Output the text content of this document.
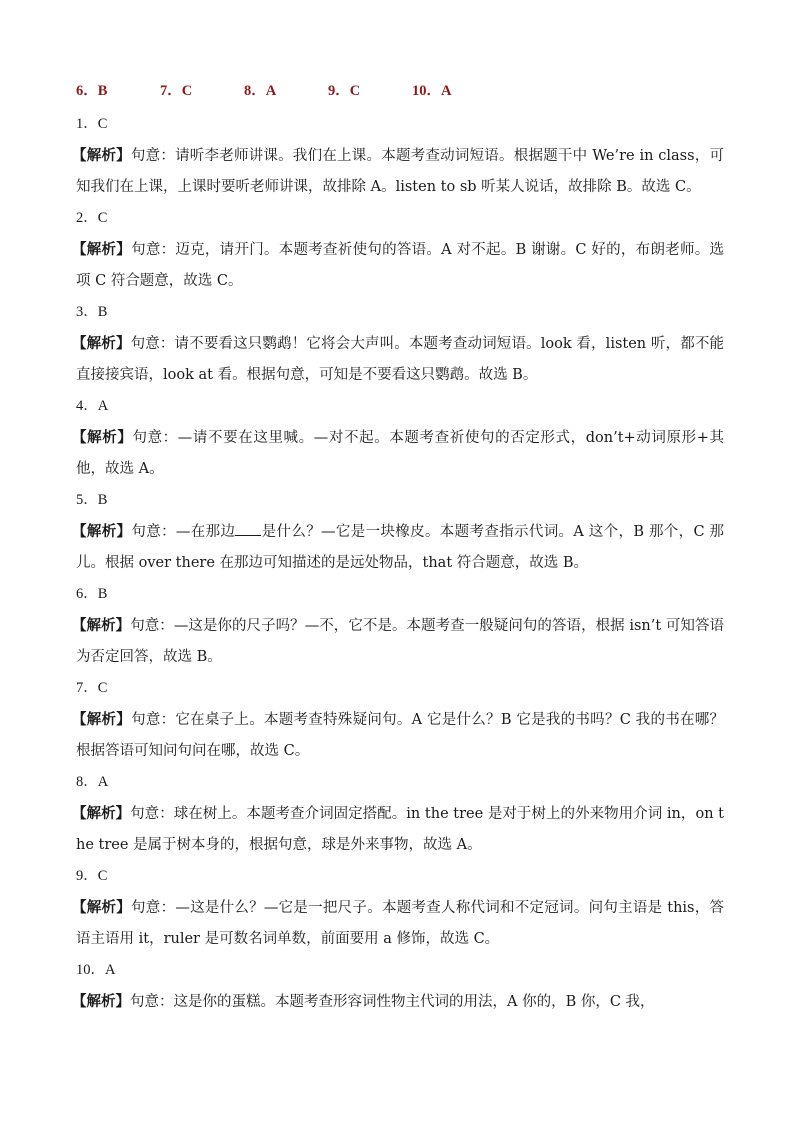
6．B	7．C	8．A	9．C	10．A
1．C
【解析】句意：请听李老师讲课。我们在上课。本题考查动词短语。根据题干中 We’re in class，可知我们在上课，上课时要听老师讲课，故排除 A。listen to sb 听某人说话，故排除 B。故选 C。
2．C
【解析】句意：迈克，请开门。本题考查祈使句的答语。A 对不起。B 谢谢。C 好的，布朗老师。选项 C 符合题意，故选 C。
3．B
【解析】句意：请不要看这只鹦鹉！它将会大声叫。本题考查动词短语。look 看，listen 听，都不能直接接宾语，look at 看。根据句意，可知是不要看这只鹦鹉。故选 B。
4．A
【解析】句意：—请不要在这里喊。—对不起。本题考查祈使句的否定形式，don’t+动词原形+其他，故选 A。
5．B
【解析】句意：—在那边 是什么？—它是一块橡皮。本题考查指示代词。A 这个，B 那个，C 那儿。根据 over there 在那边可知描述的是远处物品，that 符合题意，故选 B。
6．B
【解析】句意：—这是你的尺子吗？—不，它不是。本题考查一般疑问句的答语，根据 isn’t 可知答语为否定回答，故选 B。
7．C
【解析】句意：它在桌子上。本题考查特殊疑问句。A 它是什么？B 它是我的书吗？C 我的书在哪？根据答语可知问句问在哪，故选 C。
8．A
【解析】句意：球在树上。本题考查介词固定搭配。in the tree 是对于树上的外来物用介词 in，on the tree 是属于树本身的，根据句意，球是外来事物，故选 A。
9．C
【解析】句意：—这是什么？—它是一把尺子。本题考查人称代词和不定冠词。问句主语是 this，答语主语用 it，ruler 是可数名词单数，前面要用 a 修饰，故选 C。
10．A
【解析】句意：这是你的蛋糕。本题考查形容词性物主代词的用法，A 你的，B 你，C 我，
